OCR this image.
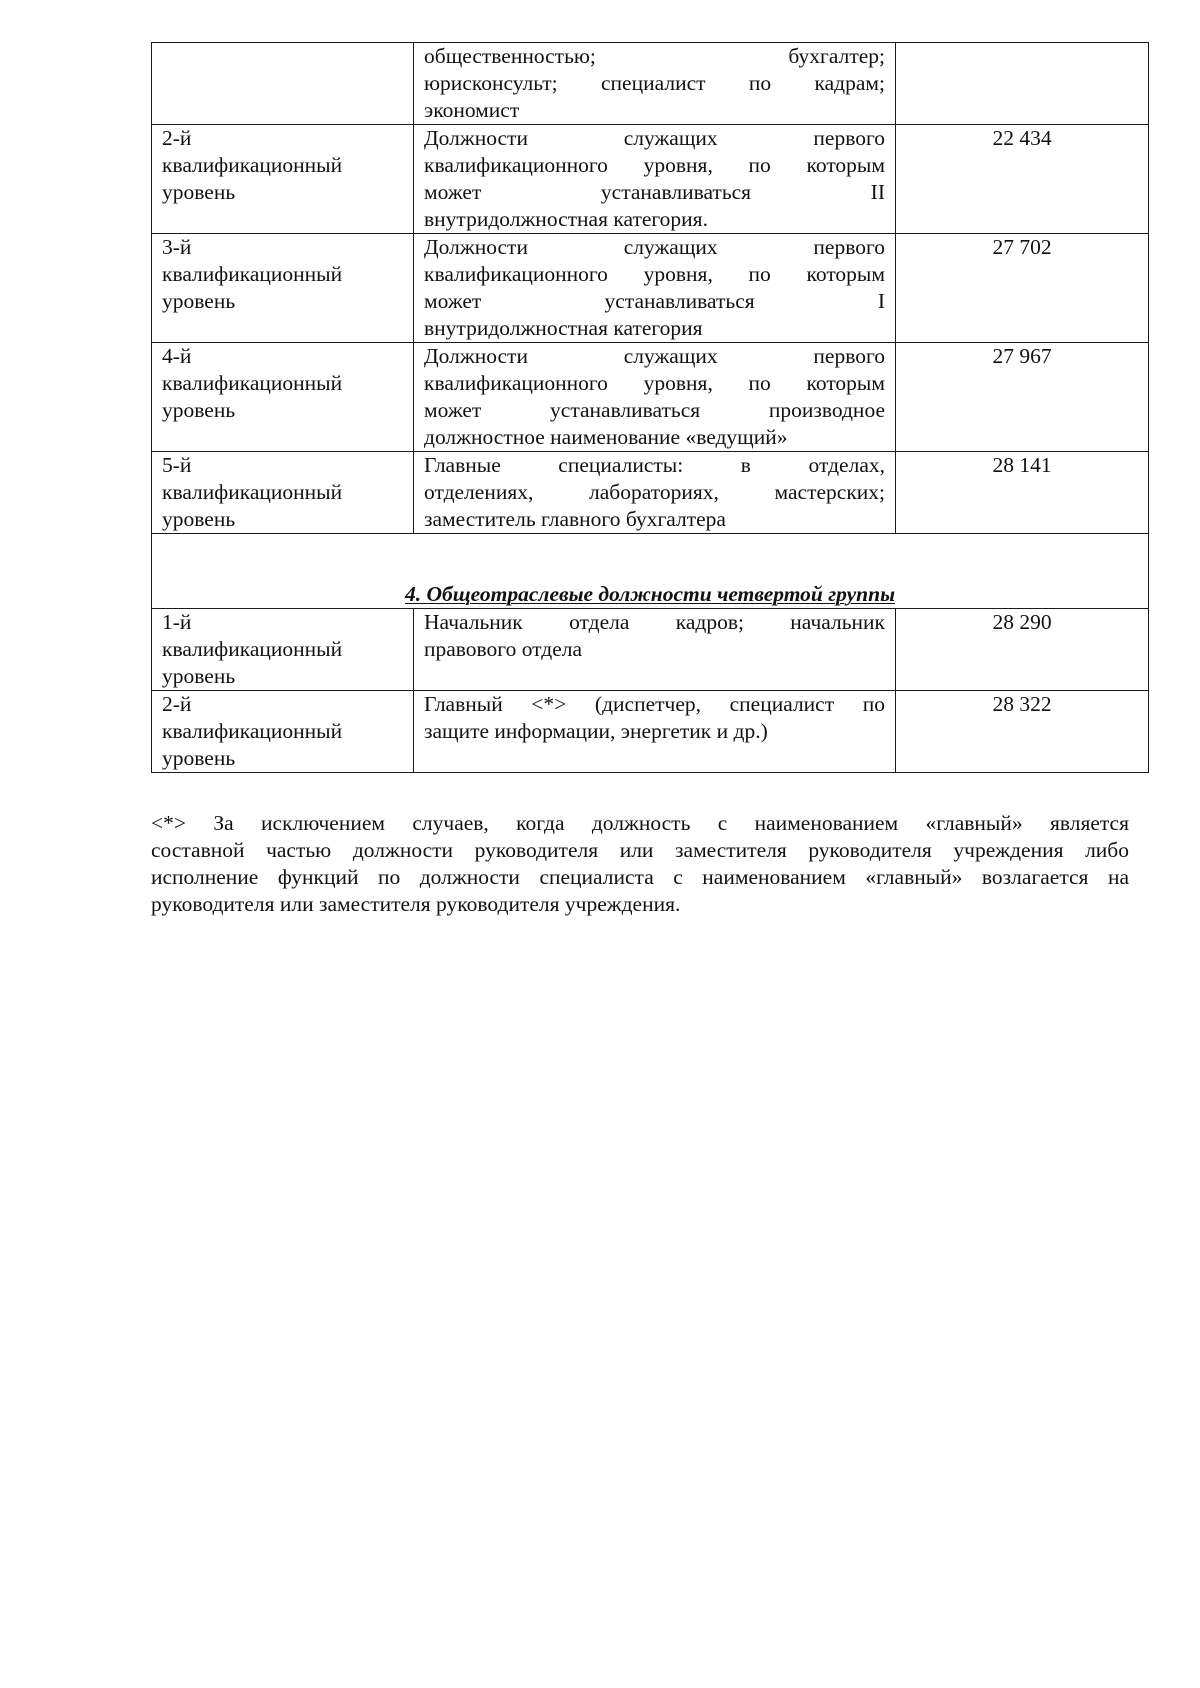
	общественностью; бухгалтер;
юрисконсульт; специалист по кадрам;
экономист	

2-й
квалификационный
уровень	Должности служащих первого
квалификационного уровня, по которым
может устанавливаться II
внутридолжностная категория.	22 434
3-й
квалификационный
уровень	Должности служащих первого
квалификационного уровня, по которым
может устанавливаться I
внутридолжностная категория	27 702
4-й
квалификационный
уровень	Должности служащих первого
квалификационного уровня, по которым
может устанавливаться производное
должностное наименование «ведущий»	27 967
5-й
квалификационный
уровень	Главные специалисты: в отделах,
отделениях, лабораториях, мастерских;
заместитель главного бухгалтера	28 141
4. Общеотраслевые должности четвертой группы		
1-й
квалификационный
уровень	Начальник отдела кадров; начальник
правового отдела	28 290
2-й
квалификационный
уровень	Главный <*> (диспетчер, специалист по
защите информации, энергетик и др.)	28 322
<*> За исключением случаев, когда должность с наименованием «главный» является
составной частью должности руководителя или заместителя руководителя учреждения либо
исполнение функций по должности специалиста с наименованием «главный» возлагается на
руководителя или заместителя руководителя учреждения.
